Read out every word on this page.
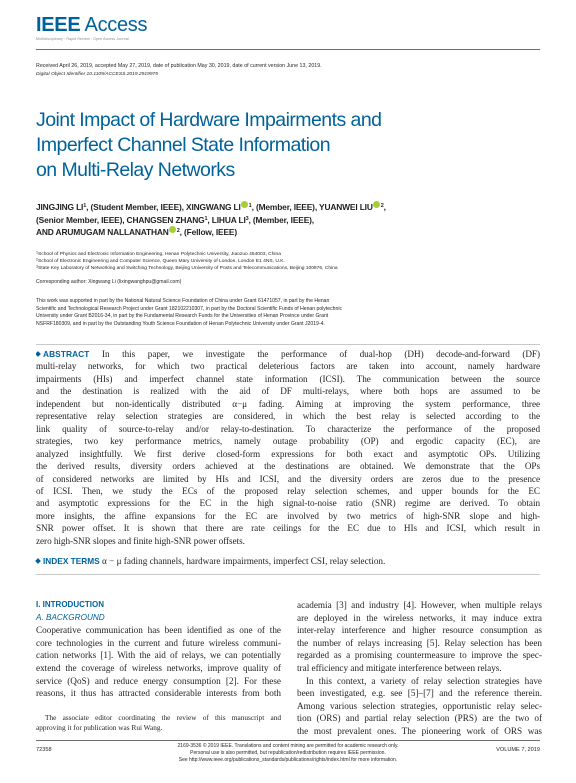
IEEE Access
Multidisciplinary : Rapid Review : Open Access Journal
Received April 26, 2019, accepted May 27, 2019, date of publication May 30, 2019, date of current version June 13, 2019.
Digital Object Identifier 10.1109/ACCESS.2019.2919975
Joint Impact of Hardware Impairments and
Imperfect Channel State Information
on Multi-Relay Networks
JINGJING $LI^1$, (Student Member, IEEE), XINGWANG LI $^1$, (Member, IEEE), YUANWEI LIU $^2$,
(Senior Member, IEEE), CHANGSEN ZHANG$^1$, LIHUA $LI^3$, (Member, IEEE),
AND ARUMUGAM NALLANATHAN $^2$, (Fellow, IEEE)
$^1$School of Physics and Electronic Information Engineering, Henan Polytechnic University, Jiaozuo 454003, China
$^2$School of Electronic Engineering and Computer Science, Queen Mary University of London, London E1 4NS, U.K.
$^3$State Key Laboratory of Networking and Switching Technology, Beijing University of Posts and Telecommunications, Beijing 100876, China
Corresponding author: Xingwang Li (lixingwanghpu@gmail.com)
This work was supported in part by the National Natural Science Foundation of China under Grant 61471057, in part by the Henan
Scientific and Technological Research Project under Grant 182102210307, in part by the Doctoral Scientific Funds of Henan polytechnic
University under Grant B2016-34, in part by the Fundamental Research Funds for the Universities of Henan Province under Grant
NSFRF180309, and in part by the Outstanding Youth Science Foundation of Henan Polytechnic University under Grant J2019-4.
ABSTRACT In this paper, we investigate the performance of dual-hop (DH) decode-and-forward (DF)
multi-relay networks, for which two practical deleterious factors are taken into account, namely hardware
impairments (HIs) and imperfect channel state information (ICSI). The communication between the source
and the destination is realized with the aid of DF multi-relays, where both hops are assumed to be
independent but non-identically distributed α−μ fading. Aiming at improving the system performance, three
representative relay selection strategies are considered, in which the best relay is selected according to the
link quality of source-to-relay and/or relay-to-destination. To characterize the performance of the proposed
strategies, two key performance metrics, namely outage probability (OP) and ergodic capacity (EC), are
analyzed insightfully. We first derive closed-form expressions for both exact and asymptotic OPs. Utilizing
the derived results, diversity orders achieved at the destinations are obtained. We demonstrate that the OPs
of considered networks are limited by HIs and ICSI, and the diversity orders are zeros due to the presence
of ICSI. Then, we study the ECs of the proposed relay selection schemes, and upper bounds for the EC
and asymptotic expressions for the EC in the high signal-to-noise ratio (SNR) regime are derived. To obtain
more insights, the affine expansions for the EC are involved by two metrics of high-SNR slope and high-
SNR power offset. It is shown that there are rate ceilings for the EC due to HIs and ICSI, which result in
zero high-SNR slopes and finite high-SNR power offsets.
INDEX TERMS α − μ fading channels, hardware impairments, imperfect CSI, relay selection.
I. INTRODUCTION
A. BACKGROUND
Cooperative communication has been identified as one of the
core technologies in the current and future wireless communi-
cation networks [1]. With the aid of relays, we can potentially
extend the coverage of wireless networks, improve quality of
service (QoS) and reduce energy consumption [2]. For these
reasons, it thus has attracted considerable interests from both
The associate editor coordinating the review of this manuscript and
approving it for publication was Rui Wang.
academia [3] and industry [4]. However, when multiple relays
are deployed in the wireless networks, it may induce extra
inter-relay interference and higher resource consumption as
the number of relays increasing [5]. Relay selection has been
regarded as a promising countermeasure to improve the spec-
tral efficiency and mitigate interference between relays.
In this context, a variety of relay selection strategies have
been investigated, e.g. see [5]–[7] and the reference therein.
Among various selection strategies, opportunistic relay selec-
tion (ORS) and partial relay selection (PRS) are the two of
the most prevalent ones. The pioneering work of ORS was
72358
2169-3536 © 2019 IEEE. Translations and content mining are permitted for academic research only.
Personal use is also permitted, but republication/redistribution requires IEEE permission.
See http://www.ieee.org/publications_standards/publications/rights/index.html for more information.
VOLUME 7, 2019
